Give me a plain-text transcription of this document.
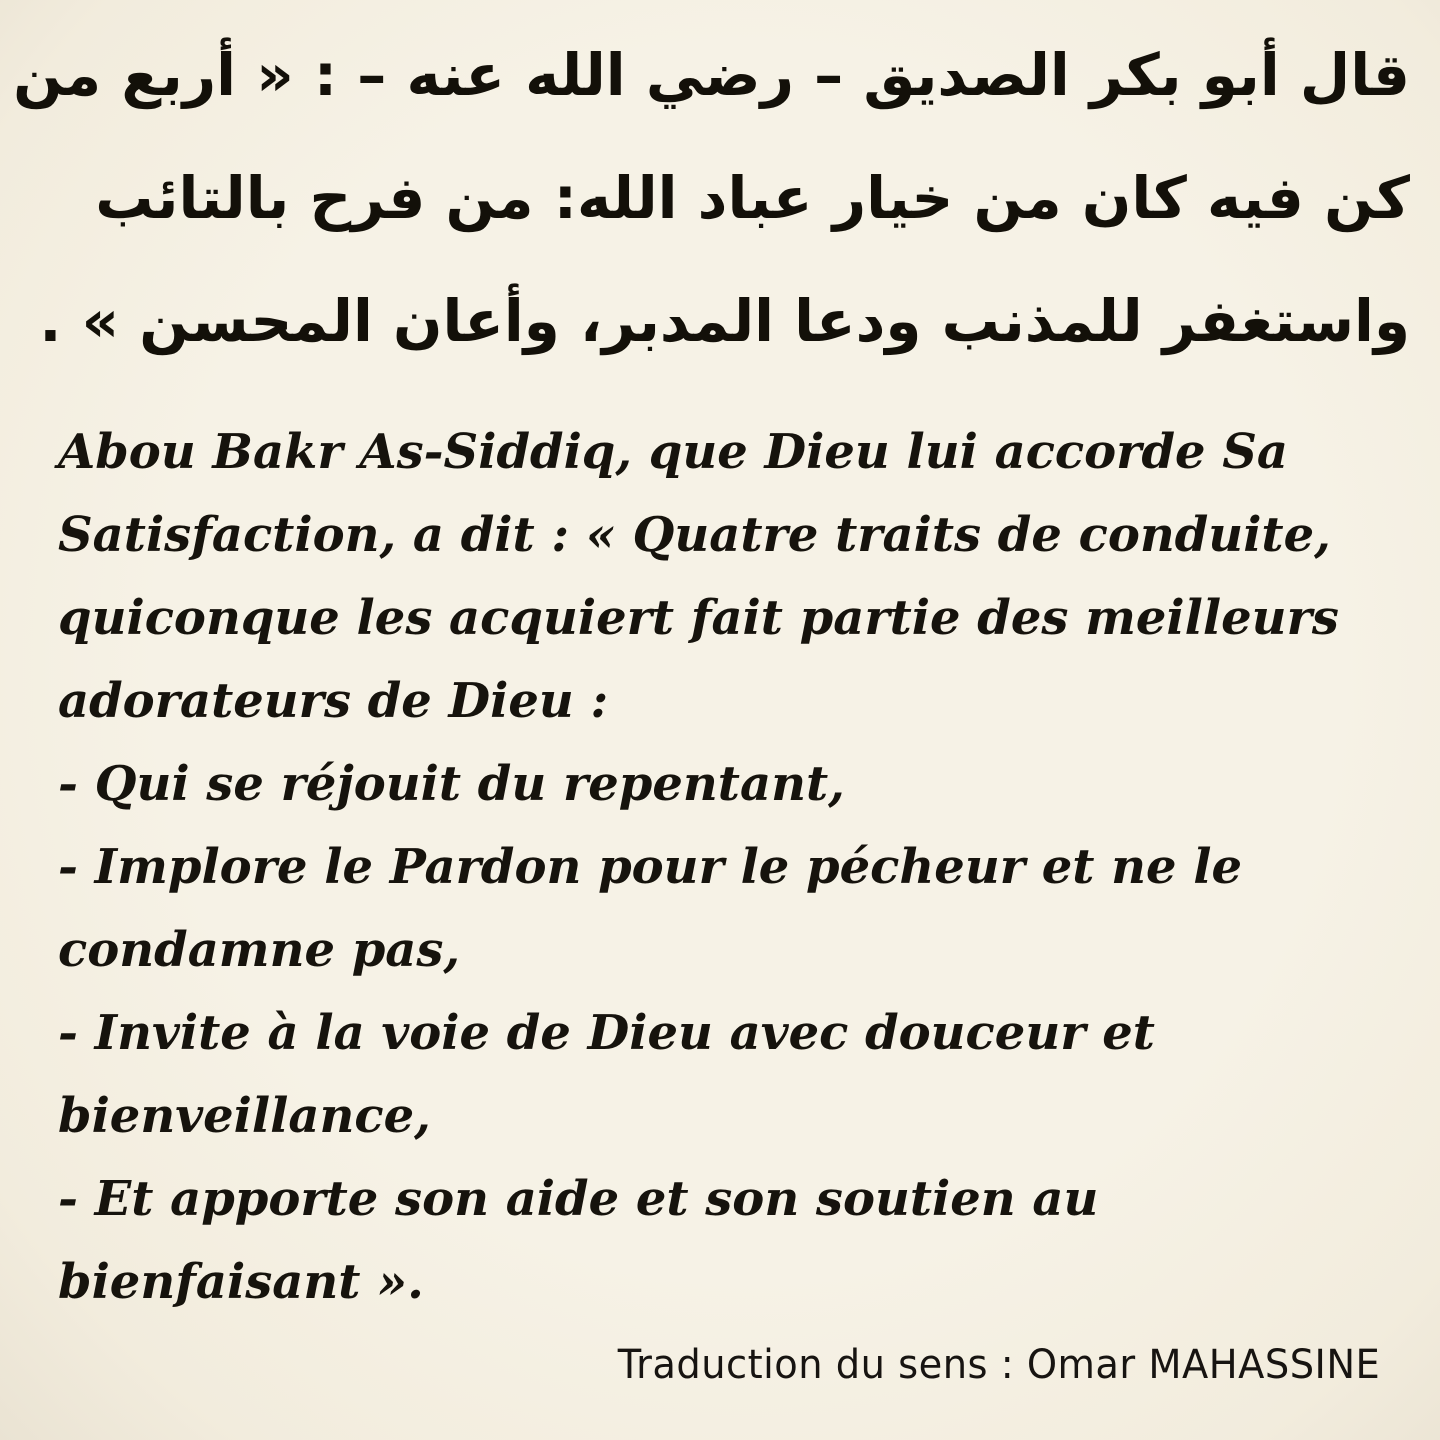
قال أبو بكر الصديق – رضي الله عنه – : « أربع من
كن فيه كان من خيار عباد الله: من فرح بالتائب
واستغفر للمذنب ودعا المدبر، وأعان المحسن » .
Abou Bakr As-Siddiq, que Dieu lui accorde Sa
Satisfaction, a dit : « Quatre traits de conduite,
quiconque les acquiert fait partie des meilleurs
adorateurs de Dieu :
- Qui se réjouit du repentant,
- Implore le Pardon pour le pécheur et ne le
condamne pas,
- Invite à la voie de Dieu avec douceur et
bienveillance,
- Et apporte son aide et son soutien au
bienfaisant ».
Traduction du sens : Omar MAHASSINE
